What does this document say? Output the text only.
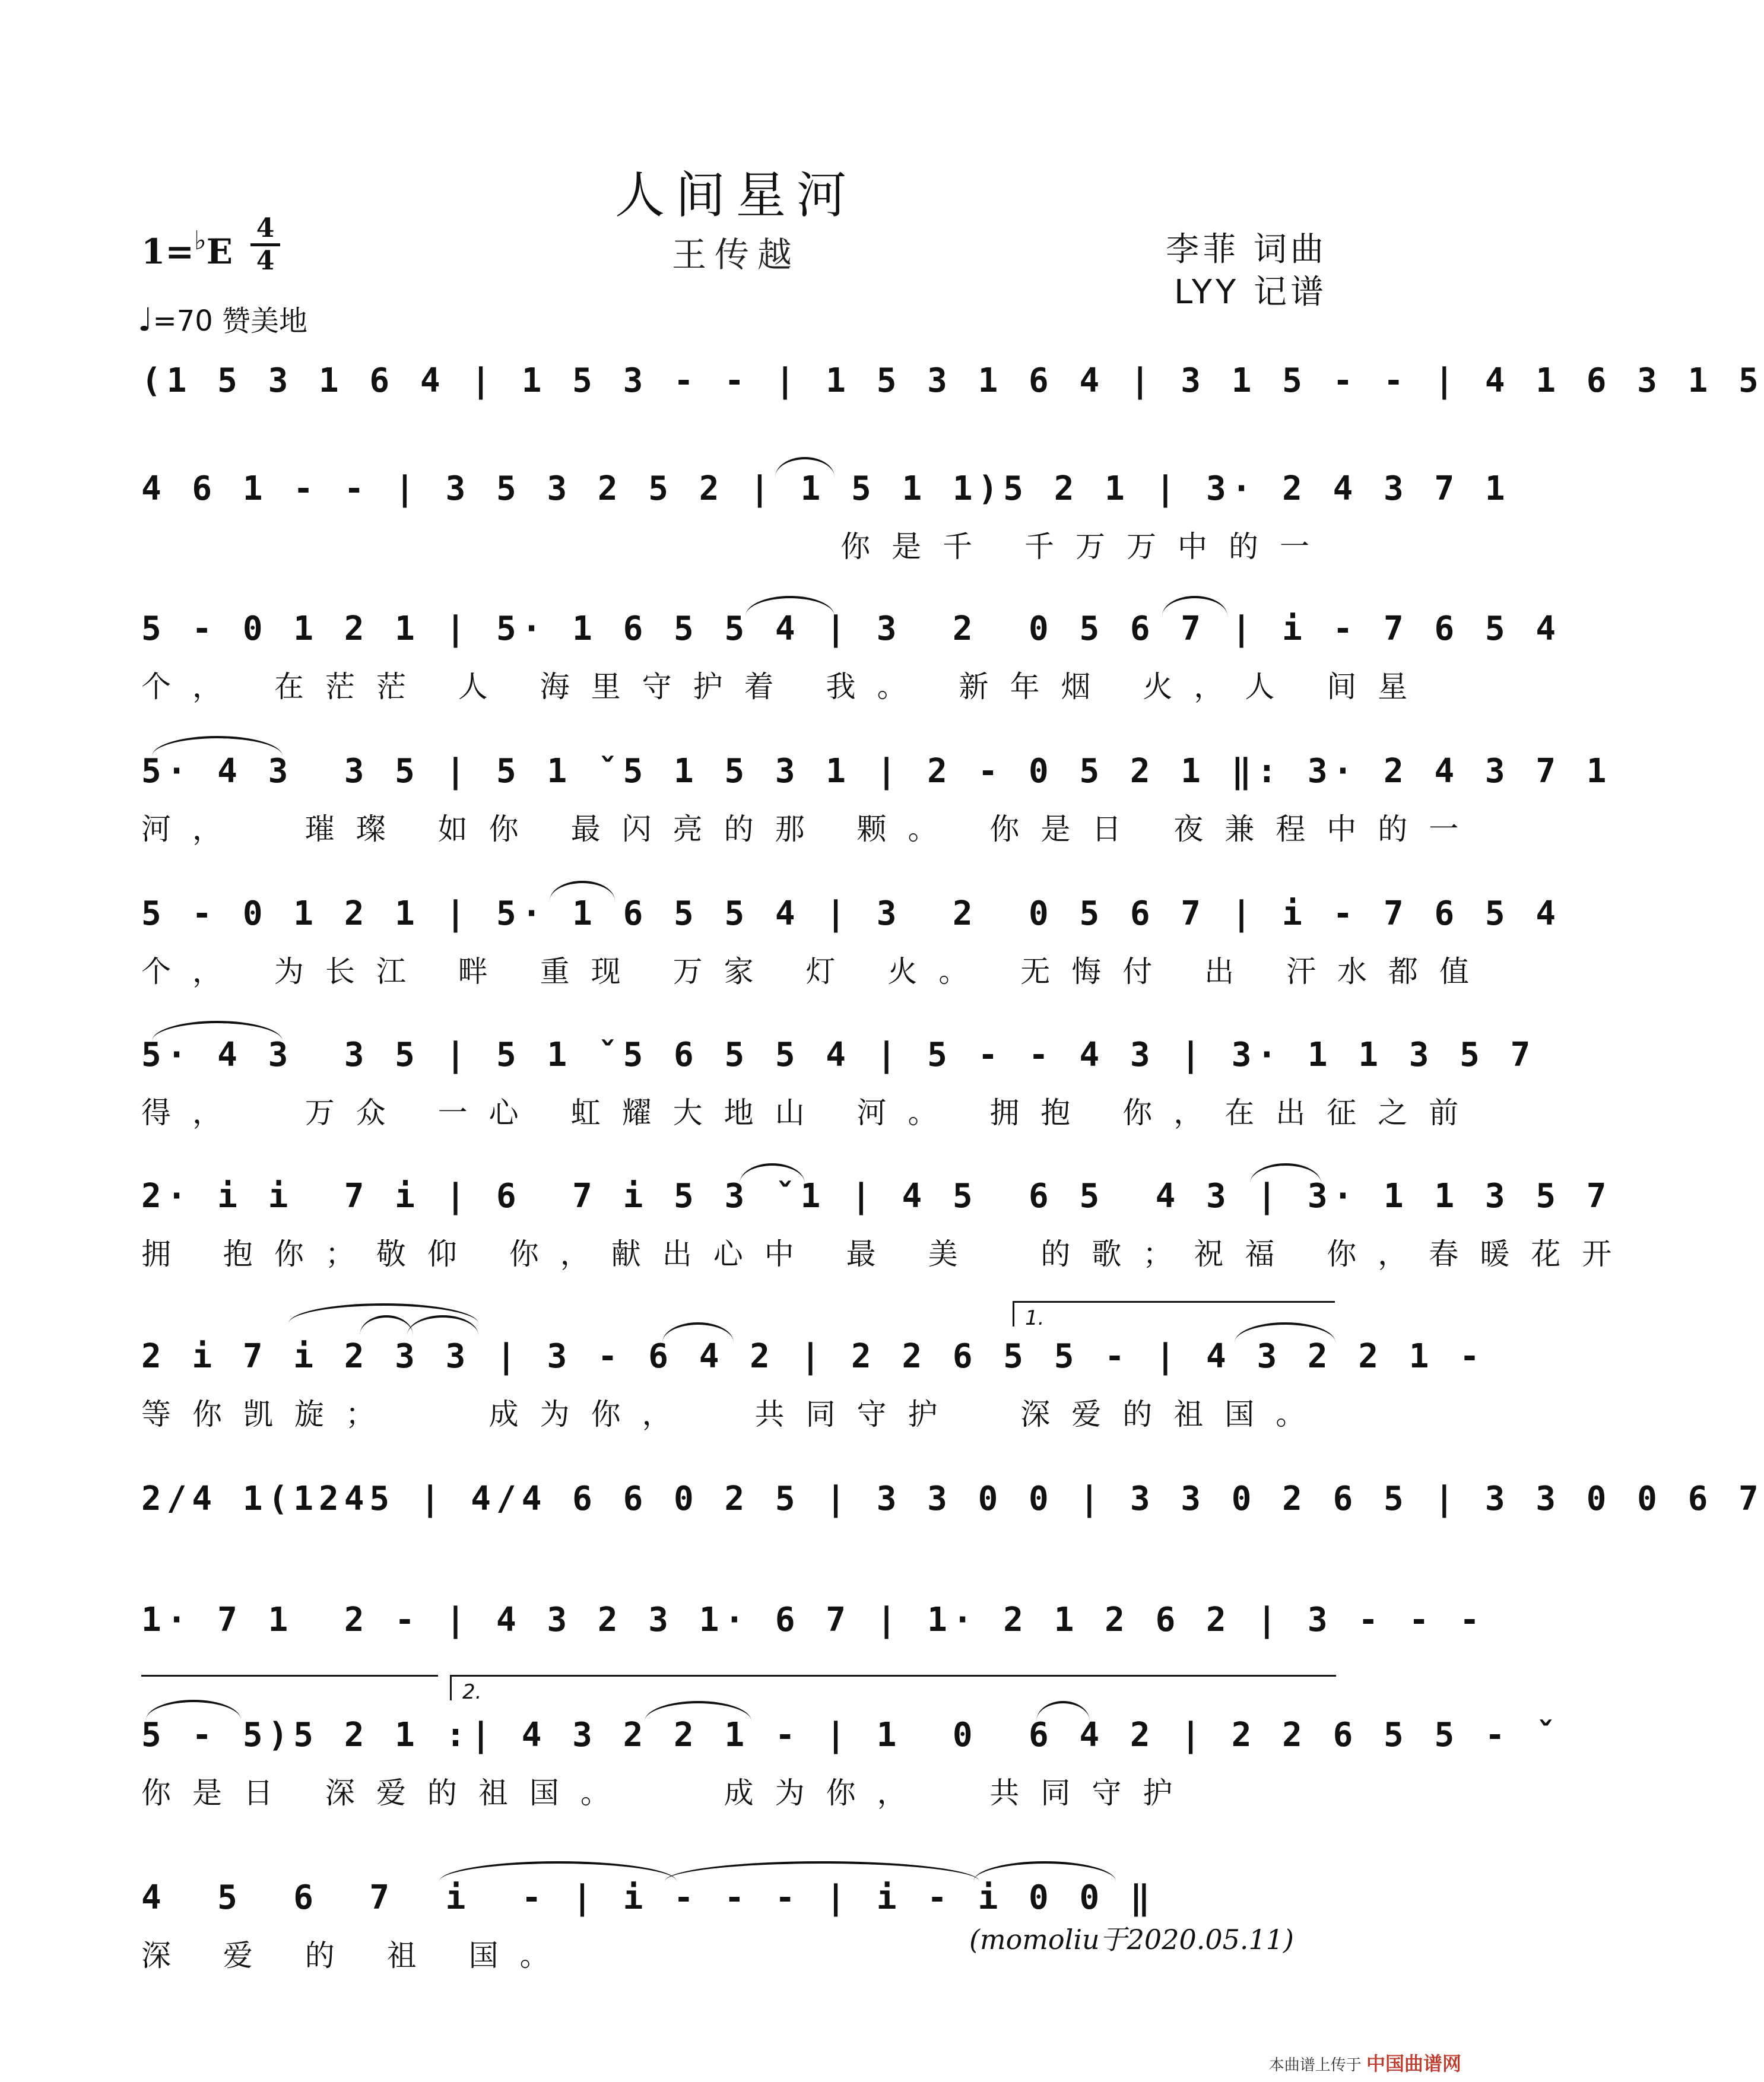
人间星河
王传越
1=♭E
4
4
♩=70 赞美地
李菲 词曲
LYY 记谱
(1 5 3 1 6 4 | 1 5 3 - - | 1 5 3 1 6 4 | 3 1 5 - - | 4 1 6 3 1 5
4 6 1 - - | 3 5 3 2 5 2 | 1 5 1 1)5 2 1 | 3· 2 4 3 7 1
你是千 千万万中的一
5 - 0 1 2 1 | 5· 1 6 5 5 4 | 3  2  0 5 6 7 | i - 7 6 5 4
个， 在茫茫 人 海里守护着 我。 新年烟 火，人 间星
5· 4 3  3 5 | 5 1 ˇ5 1 5 3 1 | 2 - 0 5 2 1 ‖: 3· 2 4 3 7 1
河，  璀璨 如你 最闪亮的那 颗。 你是日 夜兼程中的一
5 - 0 1 2 1 | 5· 1 6 5 5 4 | 3  2  0 5 6 7 | i - 7 6 5 4
个， 为长江 畔 重现 万家 灯 火。 无悔付 出 汗水都值
5· 4 3  3 5 | 5 1 ˇ5 6 5 5 4 | 5 - - 4 3 | 3· 1 1 3 5 7
得，  万众 一心 虹耀大地山 河。 拥抱 你，在出征之前
2· i i  7 i | 6  7 i 5 3 ˇ1 | 4 5  6 5  4 3 | 3· 1 1 3 5 7
拥 抱你；敬仰 你，献出心中 最 美  的歌；祝福 你，春暖花开
1.
2 i 7 i 2 3 3 | 3 - 6 4 2 | 2 2 6 5 5 - | 4 3 2 2 1 -
等你凯旋；   成为你，  共同守护  深爱的祖国。
2/4 1(1245 | 4/4 6 6 0 2 5 | 3 3 0 0 | 3 3 0 2 6 5 | 3 3 0 0 6 7
1· 7 1  2 - | 4 3 2 3 1· 6 7 | 1· 2 1 2 6 2 | 3 - - -
2.
5 - 5)5 2 1 :| 4 3 2 2 1 - | 1  0  6 4 2 | 2 2 6 5 5 - ˇ
你是日 深爱的祖国。   成为你，  共同守护
4  5  6  7  i  - | i - - - | i - i 0 0 ‖
深 爱 的 祖 国。	(momoliu于2020.05.11)
本曲谱上传于 中国曲谱网
